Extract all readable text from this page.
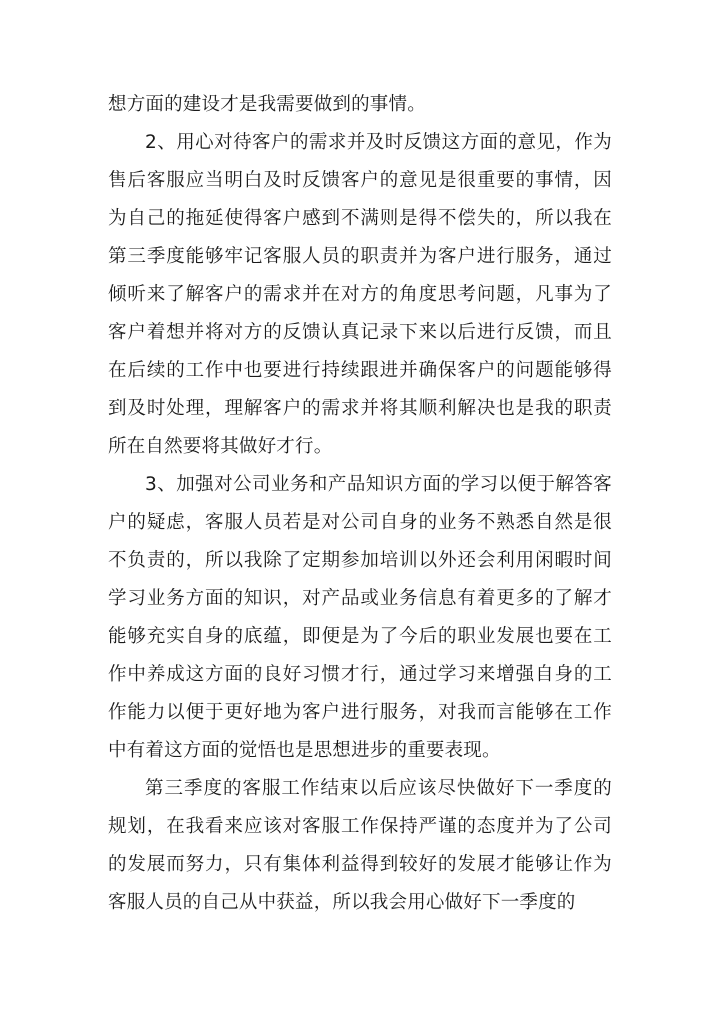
想方面的建设才是我需要做到的事情。

2、用心对待客户的需求并及时反馈这方面的意见，作为售后客服应当明白及时反馈客户的意见是很重要的事情，因为自己的拖延使得客户感到不满则是得不偿失的，所以我在第三季度能够牢记客服人员的职责并为客户进行服务，通过倾听来了解客户的需求并在对方的角度思考问题，凡事为了客户着想并将对方的反馈认真记录下来以后进行反馈，而且在后续的工作中也要进行持续跟进并确保客户的问题能够得到及时处理，理解客户的需求并将其顺利解决也是我的职责所在自然要将其做好才行。

3、加强对公司业务和产品知识方面的学习以便于解答客户的疑虑，客服人员若是对公司自身的业务不熟悉自然是很不负责的，所以我除了定期参加培训以外还会利用闲暇时间学习业务方面的知识，对产品或业务信息有着更多的了解才能够充实自身的底蕴，即便是为了今后的职业发展也要在工作中养成这方面的良好习惯才行，通过学习来增强自身的工作能力以便于更好地为客户进行服务，对我而言能够在工作中有着这方面的觉悟也是思想进步的重要表现。

第三季度的客服工作结束以后应该尽快做好下一季度的规划，在我看来应该对客服工作保持严谨的态度并为了公司的发展而努力，只有集体利益得到较好的发展才能够让作为客服人员的自己从中获益，所以我会用心做好下一季度的
